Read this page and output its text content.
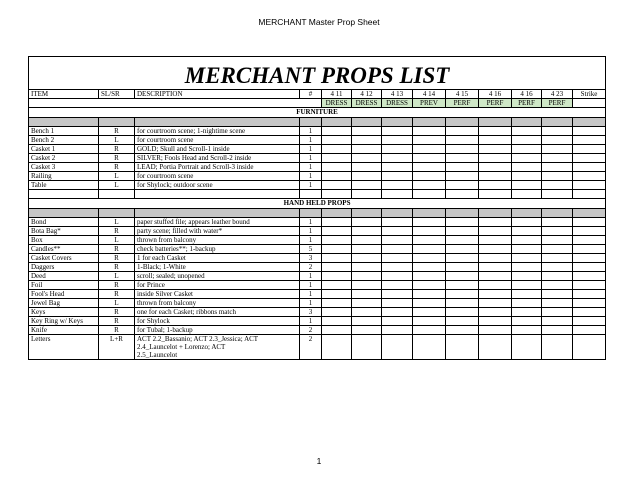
MERCHANT Master Prop Sheet
MERCHANT PROPS LIST												
ITEM	SL/SR	DESCRIPTION	#	4 11	4 12	4 13	4 14	4 15	4 16	4 16	4 23	Strike
				DRESS	DRESS	DRESS	PREV	PERF	PERF	PERF	PERF	
FURNITURE												

Bench 1	R	for courtroom scene; 1-nightime scene	1									
Bench 2	L	for courtroom scene	1									
Casket 1	R	GOLD; Skull and Scroll-1 inside	1									
Casket 2	R	SILVER; Fools Head and Scroll-2 inside	1									
Casket 3	R	LEAD; Portia Portrait and Scroll-3 inside	1									
Railing	L	for courtroom scene	1									
Table	L	for Shylock; outdoor scene	1									

HAND HELD PROPS												

Bond	L	paper stuffed file; appears leather bound	1									
Bota Bag*	R	party scene; filled with water*	1									
Box	L	thrown from balcony	1									
Candles**	R	check batteries**; 1-backup	5									
Casket Covers	R	1 for each Casket	3									
Daggers	R	1-Black; 1-White	2									
Deed	L	scroll; sealed; unopened	1									
Foil	R	for Prince	1									
Fool's Head	R	inside Silver Casket	1									
Jewel Bag	L	thrown from balcony	1									
Keys	R	one for each Casket; ribbons match	3									
Key Ring w/ Keys	R	for Shylock	1									
Knife	R	for Tubal; 1-backup	2									
Letters	L+R	ACT 2.2_Bassanio; ACT 2.3_Jessica; ACT
2.4_Launcelot + Lorenzo; ACT
2.5_Launcelot	2									
1
